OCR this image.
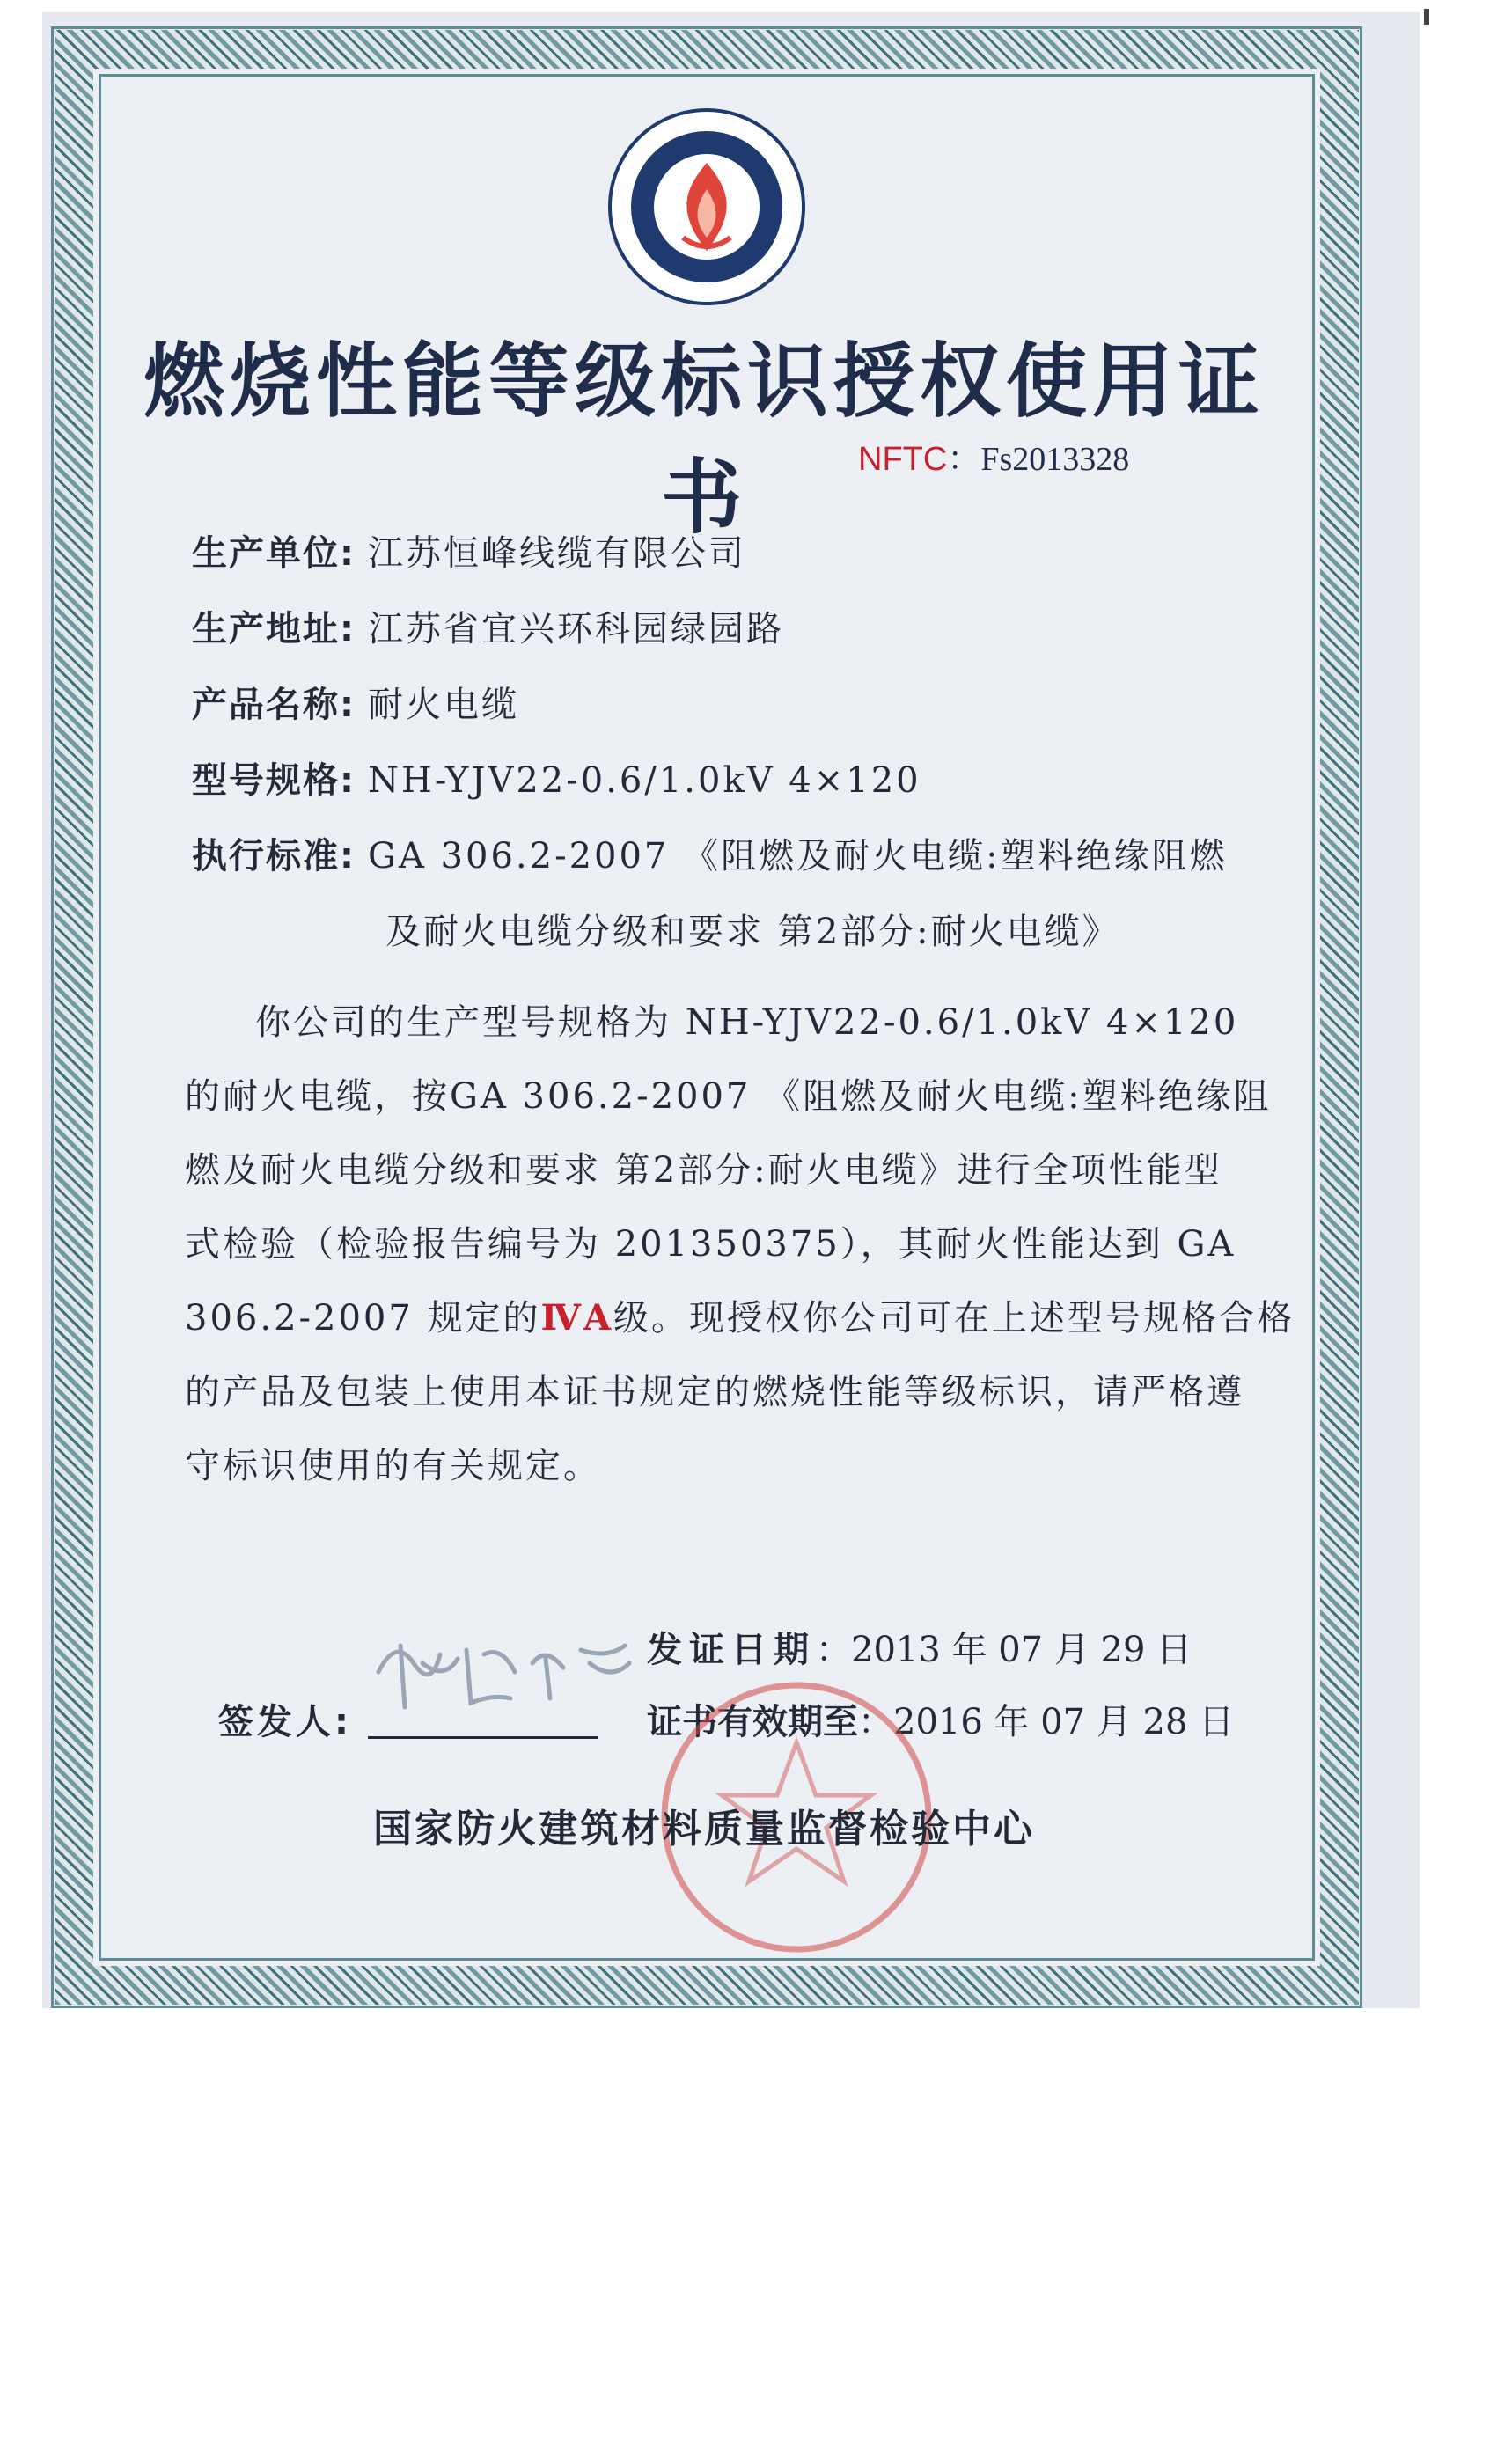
燃烧性能等级标识授权使用证书	NFTC：Fs2013328
生产单位: 江苏恒峰线缆有限公司
生产地址: 江苏省宜兴环科园绿园路
产品名称: 耐火电缆
型号规格: NH-YJV22-0.6/1.0kV 4×120
执行标准: GA 306.2-2007 《阻燃及耐火电缆:塑料绝缘阻燃
及耐火电缆分级和要求 第2部分:耐火电缆》
你公司的生产型号规格为 NH-YJV22-0.6/1.0kV 4×120
的耐火电缆，按GA 306.2-2007 《阻燃及耐火电缆:塑料绝缘阻
燃及耐火电缆分级和要求 第2部分:耐火电缆》进行全项性能型
式检验（检验报告编号为 201350375），其耐火性能达到 GA
306.2-2007 规定的ⅣA级。现授权你公司可在上述型号规格合格
的产品及包装上使用本证书规定的燃烧性能等级标识，请严格遵
守标识使用的有关规定。
发证日期：2013 年 07 月 29 日
证书有效期至：2016 年 07 月 28 日
签发人:
国家防火建筑材料质量监督检验中心
